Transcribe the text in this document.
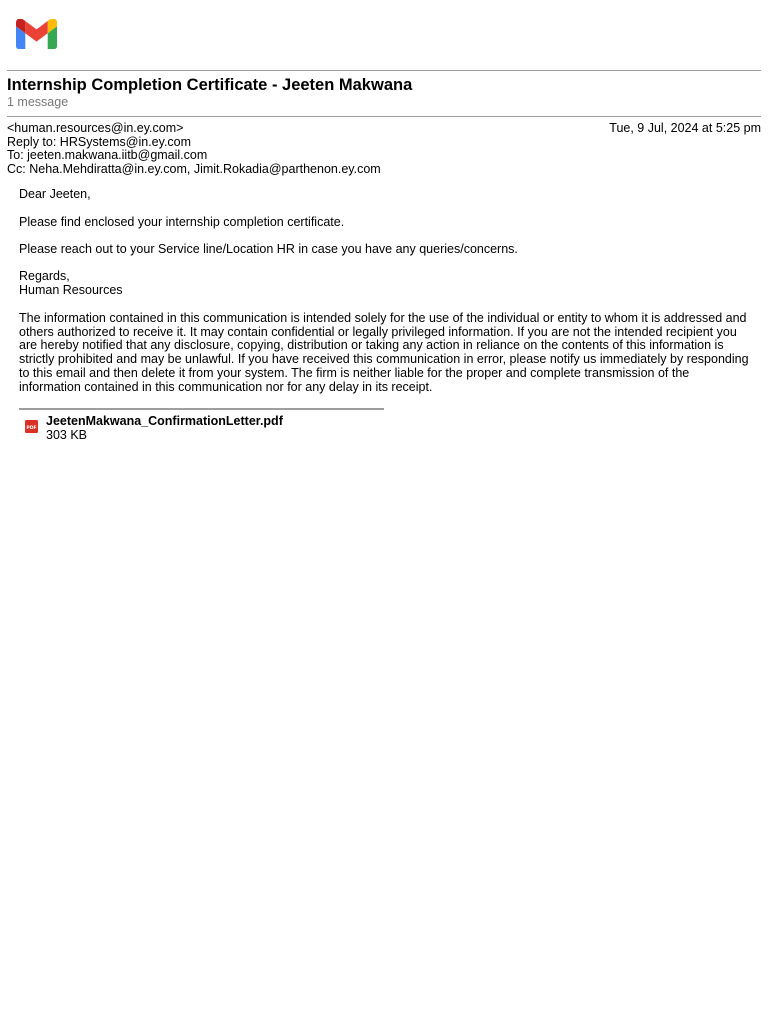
Internship Completion Certificate - Jeeten Makwana
1 message
<human.resources@in.ey.com>
Reply to: HRSystems@in.ey.com
To: jeeten.makwana.iitb@gmail.com
Cc: Neha.Mehdiratta@in.ey.com, Jimit.Rokadia@parthenon.ey.com
Tue, 9 Jul, 2024 at 5:25 pm

Dear Jeeten,

Please find enclosed your internship completion certificate.

Please reach out to your Service line/Location HR in case you have any queries/concerns.

Regards,

Human Resources

The information contained in this communication is intended solely for the use of the individual or entity to whom it is addressed and others authorized to receive it. It may contain confidential or legally privileged information. If you are not the intended recipient you are hereby notified that any disclosure, copying, distribution or taking any action in reliance on the contents of this information is strictly prohibited and may be unlawful. If you have received this communication in error, please notify us immediately by responding to this email and then delete it from your system. The firm is neither liable for the proper and complete transmission of the information contained in this communication nor for any delay in its receipt.

PDF
JeetenMakwana_ConfirmationLetter.pdf
303 KB
